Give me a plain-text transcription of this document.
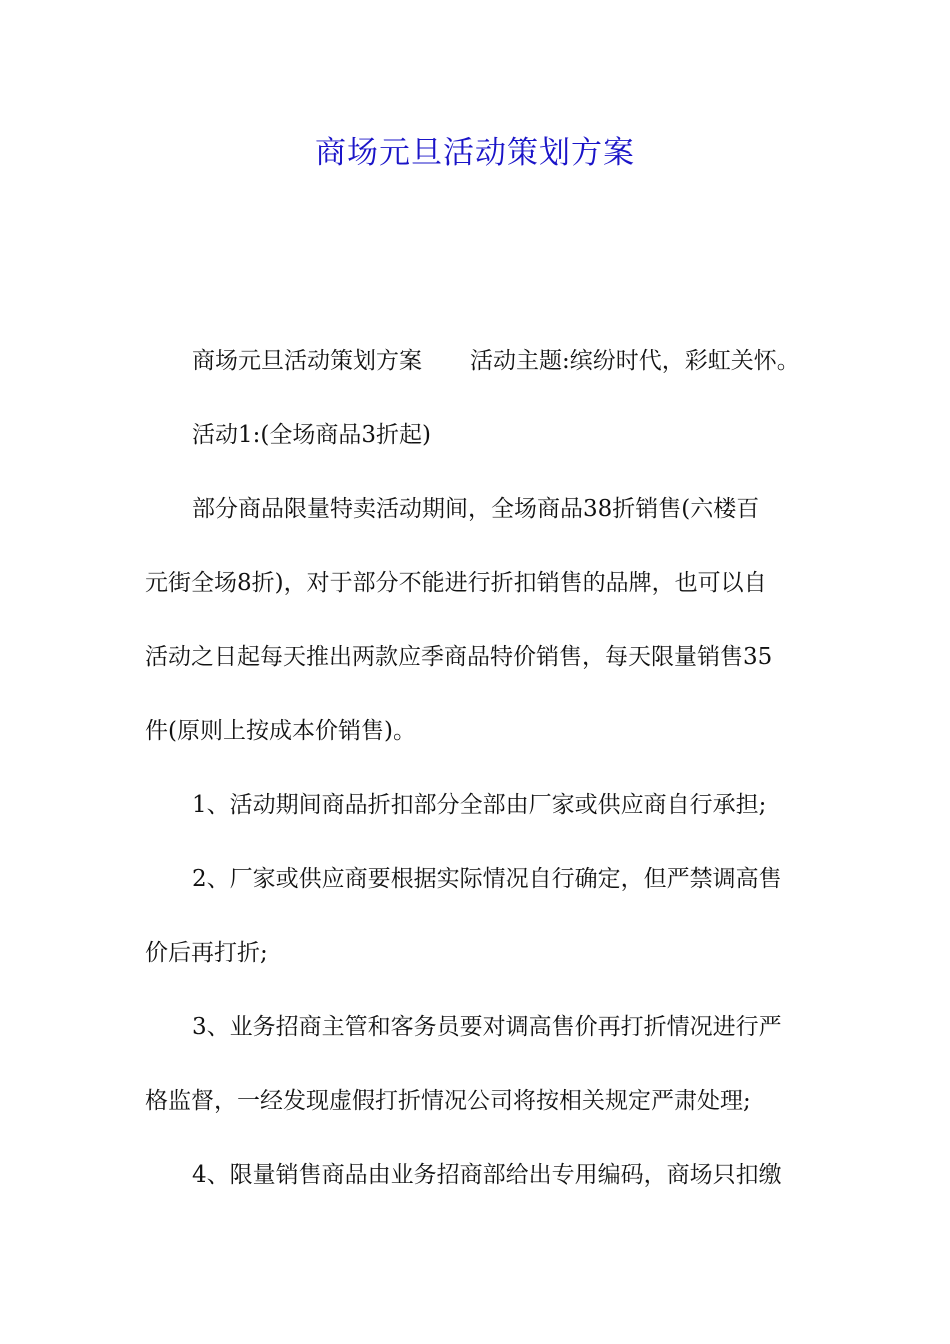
商场元旦活动策划方案
商场元旦活动策划方案 活动主题:缤纷时代，彩虹关怀。
活动1:(全场商品3折起)
部分商品限量特卖活动期间，全场商品38折销售(六楼百
元街全场8折)，对于部分不能进行折扣销售的品牌，也可以自
活动之日起每天推出两款应季商品特价销售，每天限量销售35
件(原则上按成本价销售)。
1、活动期间商品折扣部分全部由厂家或供应商自行承担;
2、厂家或供应商要根据实际情况自行确定，但严禁调高售
价后再打折;
3、业务招商主管和客务员要对调高售价再打折情况进行严
格监督，一经发现虚假打折情况公司将按相关规定严肃处理;
4、限量销售商品由业务招商部给出专用编码，商场只扣缴
